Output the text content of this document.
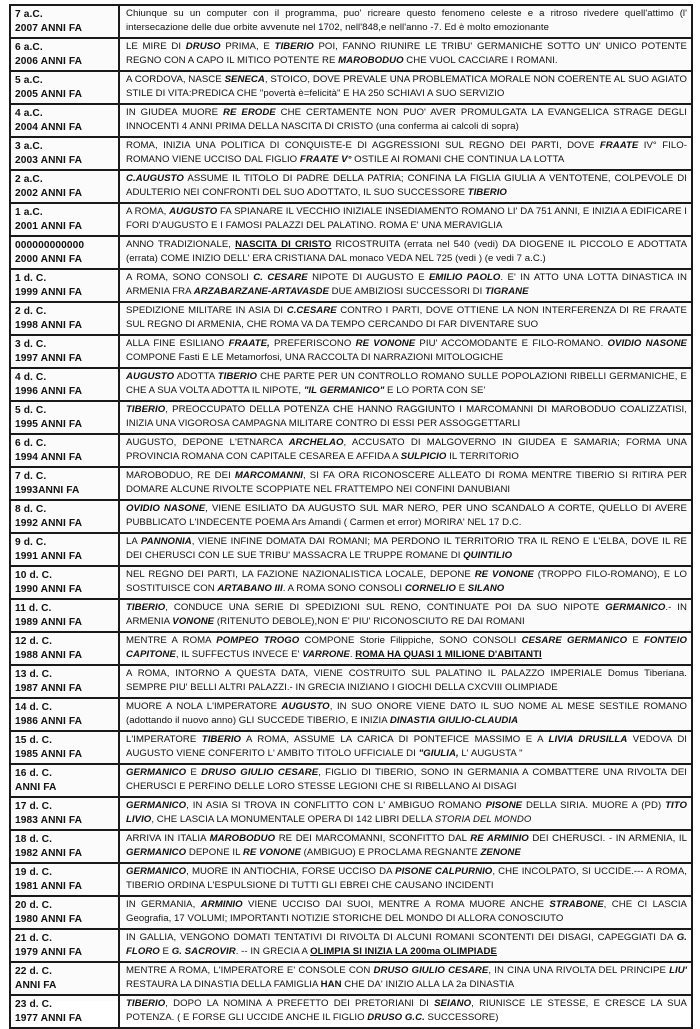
7 a.C.
2007 ANNI FA	Chiunque su un computer con il programma, puo' ricreare questo fenomeno celeste e a ritroso rivedere quell'attimo (l' intersecazione delle due orbite avvenute nel 1702, nell'848,e nell'anno -7. Ed è molto emozionante

6 a.C.
2006 ANNI FA	LE MIRE DI DRUSO PRIMA, E TIBERIO POI, FANNO RIUNIRE LE TRIBU' GERMANICHE SOTTO UN' UNICO POTENTE REGNO CON A CAPO IL MITICO POTENTE RE MAROBODUO CHE VUOL CACCIARE I ROMANI.

5 a.C.
2005 ANNI FA	A CORDOVA, NASCE SENECA, STOICO, DOVE PREVALE UNA PROBLEMATICA MORALE NON COERENTE AL SUO AGIATO STILE DI VITA:PREDICA CHE "povertà è=felicità" E HA 250 SCHIAVI A SUO SERVIZIO

4 a.C.
2004 ANNI FA	IN GIUDEA MUORE RE ERODE CHE CERTAMENTE NON PUO' AVER PROMULGATA LA EVANGELICA STRAGE DEGLI INNOCENTI 4 ANNI PRIMA DELLA NASCITA DI CRISTO (una conferma ai calcoli di sopra)

3 a.C.
2003 ANNI FA	ROMA, INIZIA UNA POLITICA DI CONQUISTE-E DI AGGRESSIONI SUL REGNO DEI PARTI, DOVE FRAATE IV° FILO-ROMANO VIENE UCCISO DAL FIGLIO FRAATE V° OSTILE AI ROMANI CHE CONTINUA LA LOTTA

2 a.C.
2002 ANNI FA	C.AUGUSTO ASSUME IL TITOLO DI PADRE DELLA PATRIA; CONFINA LA FIGLIA GIULIA A VENTOTENE, COLPEVOLE DI ADULTERIO NEI CONFRONTI DEL SUO ADOTTATO, IL SUO SUCCESSORE TIBERIO

1 a.C.
2001 ANNI FA	A ROMA, AUGUSTO FA SPIANARE IL VECCHIO INIZIALE INSEDIAMENTO ROMANO LI' DA 751 ANNI, E INIZIA A EDIFICARE I FORI D'AUGUSTO E I FAMOSI PALAZZI DEL PALATINO. ROMA E' UNA MERAVIGLIA

000000000000
2000 ANNI FA	ANNO TRADIZIONALE, NASCITA DI CRISTO RICOSTRUITA (errata nel 540 (vedi) DA DIOGENE IL PICCOLO E ADOTTATA (errata) COME INIZIO DELL' ERA CRISTIANA DAL monaco VEDA NEL 725 (vedi ) (e vedi 7 a.C.)

1 d. C.
1999 ANNI FA	A ROMA, SONO CONSOLI C. CESARE NIPOTE DI AUGUSTO E EMILIO PAOLO. E' IN ATTO UNA LOTTA DINASTICA IN ARMENIA FRA ARZABARZANE-ARTAVASDE DUE AMBIZIOSI SUCCESSORI DI TIGRANE

2 d. C.
1998 ANNI FA	SPEDIZIONE MILITARE IN ASIA DI C.CESARE CONTRO I PARTI, DOVE OTTIENE LA NON INTERFERENZA DI RE FRAATE SUL REGNO DI ARMENIA, CHE ROMA VA DA TEMPO CERCANDO DI FAR DIVENTARE SUO

3 d. C.
1997 ANNI FA	ALLA FINE ESILIANO FRAATE, PREFERISCONO RE VONONE PIU' ACCOMODANTE E FILO-ROMANO. OVIDIO NASONE COMPONE Fasti E LE Metamorfosi, UNA RACCOLTA DI NARRAZIONI MITOLOGICHE

4 d. C.
1996 ANNI FA	AUGUSTO ADOTTA TIBERIO CHE PARTE PER UN CONTROLLO ROMANO SULLE POPOLAZIONI RIBELLI GERMANICHE, E CHE A SUA VOLTA ADOTTA IL NIPOTE, "IL GERMANICO" E LO PORTA CON SE'

5 d. C.
1995 ANNI FA	TIBERIO, PREOCCUPATO DELLA POTENZA CHE HANNO RAGGIUNTO I MARCOMANNI DI MAROBODUO COALIZZATISI, INIZIA UNA VIGOROSA CAMPAGNA MILITARE CONTRO DI ESSI PER ASSOGGETTARLI

6 d. C.
1994 ANNI FA	AUGUSTO, DEPONE L'ETNARCA ARCHELAO, ACCUSATO DI MALGOVERNO IN GIUDEA E SAMARIA; FORMA UNA PROVINCIA ROMANA CON CAPITALE CESAREA E AFFIDA A SULPICIO IL TERRITORIO

7 d. C.
1993ANNI FA	MAROBODUO, RE DEI MARCOMANNI, SI FA ORA RICONOSCERE ALLEATO DI ROMA MENTRE TIBERIO SI RITIRA PER DOMARE ALCUNE RIVOLTE SCOPPIATE NEL FRATTEMPO NEI CONFINI DANUBIANI

8 d. C.
1992 ANNI FA	OVIDIO NASONE, VIENE ESILIATO DA AUGUSTO SUL MAR NERO, PER UNO SCANDALO A CORTE, QUELLO DI AVERE PUBBLICATO L'INDECENTE POEMA Ars Amandi ( Carmen et error) MORIRA' NEL 17 D.C.

9 d. C.
1991 ANNI FA	LA PANNONIA, VIENE INFINE DOMATA DAI ROMANI; MA PERDONO IL TERRITORIO TRA IL RENO E L'ELBA, DOVE IL RE DEI CHERUSCI CON LE SUE TRIBU' MASSACRA LE TRUPPE ROMANE DI QUINTILIO

10 d. C.
1990 ANNI FA	NEL REGNO DEI PARTI, LA FAZIONE NAZIONALISTICA LOCALE, DEPONE RE VONONE (TROPPO FILO-ROMANO), E LO SOSTITUISCE CON ARTABANO III. A ROMA SONO CONSOLI CORNELIO E SILANO

11 d. C.
1989 ANNI FA	TIBERIO, CONDUCE UNA SERIE DI SPEDIZIONI SUL RENO, CONTINUATE POI DA SUO NIPOTE GERMANICO.- IN ARMENIA VONONE (RITENUTO DEBOLE),NON E' PIU' RICONOSCIUTO RE DAI ROMANI

12 d. C.
1988 ANNI FA	MENTRE A ROMA POMPEO TROGO COMPONE Storie Filippiche, SONO CONSOLI CESARE GERMANICO E FONTEIO CAPITONE, IL SUFFECTUS INVECE E' VARRONE. ROMA HA QUASI 1 MILIONE D'ABITANTI

13 d. C.
1987 ANNI FA	A ROMA, INTORNO A QUESTA DATA, VIENE COSTRUITO SUL PALATINO IL PALAZZO IMPERIALE Domus Tiberiana. SEMPRE PIU' BELLI ALTRI PALAZZI.- IN GRECIA INIZIANO I GIOCHI DELLA CXCVIII OLIMPIADE

14 d. C.
1986 ANNI FA	MUORE A NOLA L'IMPERATORE AUGUSTO, IN SUO ONORE VIENE DATO IL SUO NOME AL MESE SESTILE ROMANO (adottando il nuovo anno) GLI SUCCEDE TIBERIO, E INIZIA DINASTIA GIULIO-CLAUDIA

15 d. C.
1985 ANNI FA	L'IMPERATORE TIBERIO A ROMA, ASSUME LA CARICA DI PONTEFICE MASSIMO E A LIVIA DRUSILLA VEDOVA DI AUGUSTO VIENE CONFERITO L' AMBITO TITOLO UFFICIALE DI "GIULIA, L' AUGUSTA "

16 d. C.
ANNI FA	GERMANICO E DRUSO GIULIO CESARE, FIGLIO DI TIBERIO, SONO IN GERMANIA A COMBATTERE UNA RIVOLTA DEI CHERUSCI E PERFINO DELLE LORO STESSE LEGIONI CHE SI RIBELLANO AI DISAGI

17 d. C.
1983 ANNI FA	GERMANICO, IN ASIA SI TROVA IN CONFLITTO CON L' AMBIGUO ROMANO PISONE DELLA SIRIA. MUORE A (PD) TITO LIVIO, CHE LASCIA LA MONUMENTALE OPERA DI 142 LIBRI DELLA STORIA DEL MONDO

18 d. C.
1982 ANNI FA	ARRIVA IN ITALIA MAROBODUO RE DEI MARCOMANNI, SCONFITTO DAL RE ARMINIO DEI CHERUSCI. - IN ARMENIA, IL GERMANICO DEPONE IL RE VONONE (AMBIGUO) E PROCLAMA REGNANTE ZENONE

19 d. C.
1981 ANNI FA	GERMANICO, MUORE IN ANTIOCHIA, FORSE UCCISO DA PISONE CALPURNIO, CHE INCOLPATO, SI UCCIDE.--- A ROMA, TIBERIO ORDINA L'ESPULSIONE DI TUTTI GLI EBREI CHE CAUSANO INCIDENTI

20 d. C.
1980 ANNI FA	IN GERMANIA, ARMINIO VIENE UCCISO DAI SUOI, MENTRE A ROMA MUORE ANCHE STRABONE, CHE CI LASCIA Geografia, 17 VOLUMI; IMPORTANTI NOTIZIE STORICHE DEL MONDO DI ALLORA CONOSCIUTO

21 d. C.
1979 ANNI FA	IN GALLIA, VENGONO DOMATI TENTATIVI DI RIVOLTA DI ALCUNI ROMANI SCONTENTI DEI DISAGI, CAPEGGIATI DA G. FLORO E G. SACROVIR. -- IN GRECIA A OLIMPIA SI INIZIA LA 200ma OLIMPIADE

22 d. C.
ANNI FA	MENTRE A ROMA, L'IMPERATORE E' CONSOLE CON DRUSO GIULIO CESARE, IN CINA UNA RIVOLTA DEL PRINCIPE LIU' RESTAURA LA DINASTIA DELLA FAMIGLIA HAN CHE DA' INIZIO ALLA LA 2a DINASTIA

23 d. C.
1977 ANNI FA	TIBERIO, DOPO LA NOMINA A PREFETTO DEI PRETORIANI DI SEIANO, RIUNISCE LE STESSE, E CRESCE LA SUA POTENZA. ( E FORSE GLI UCCIDE ANCHE IL FIGLIO DRUSO G.C. SUCCESSORE)
